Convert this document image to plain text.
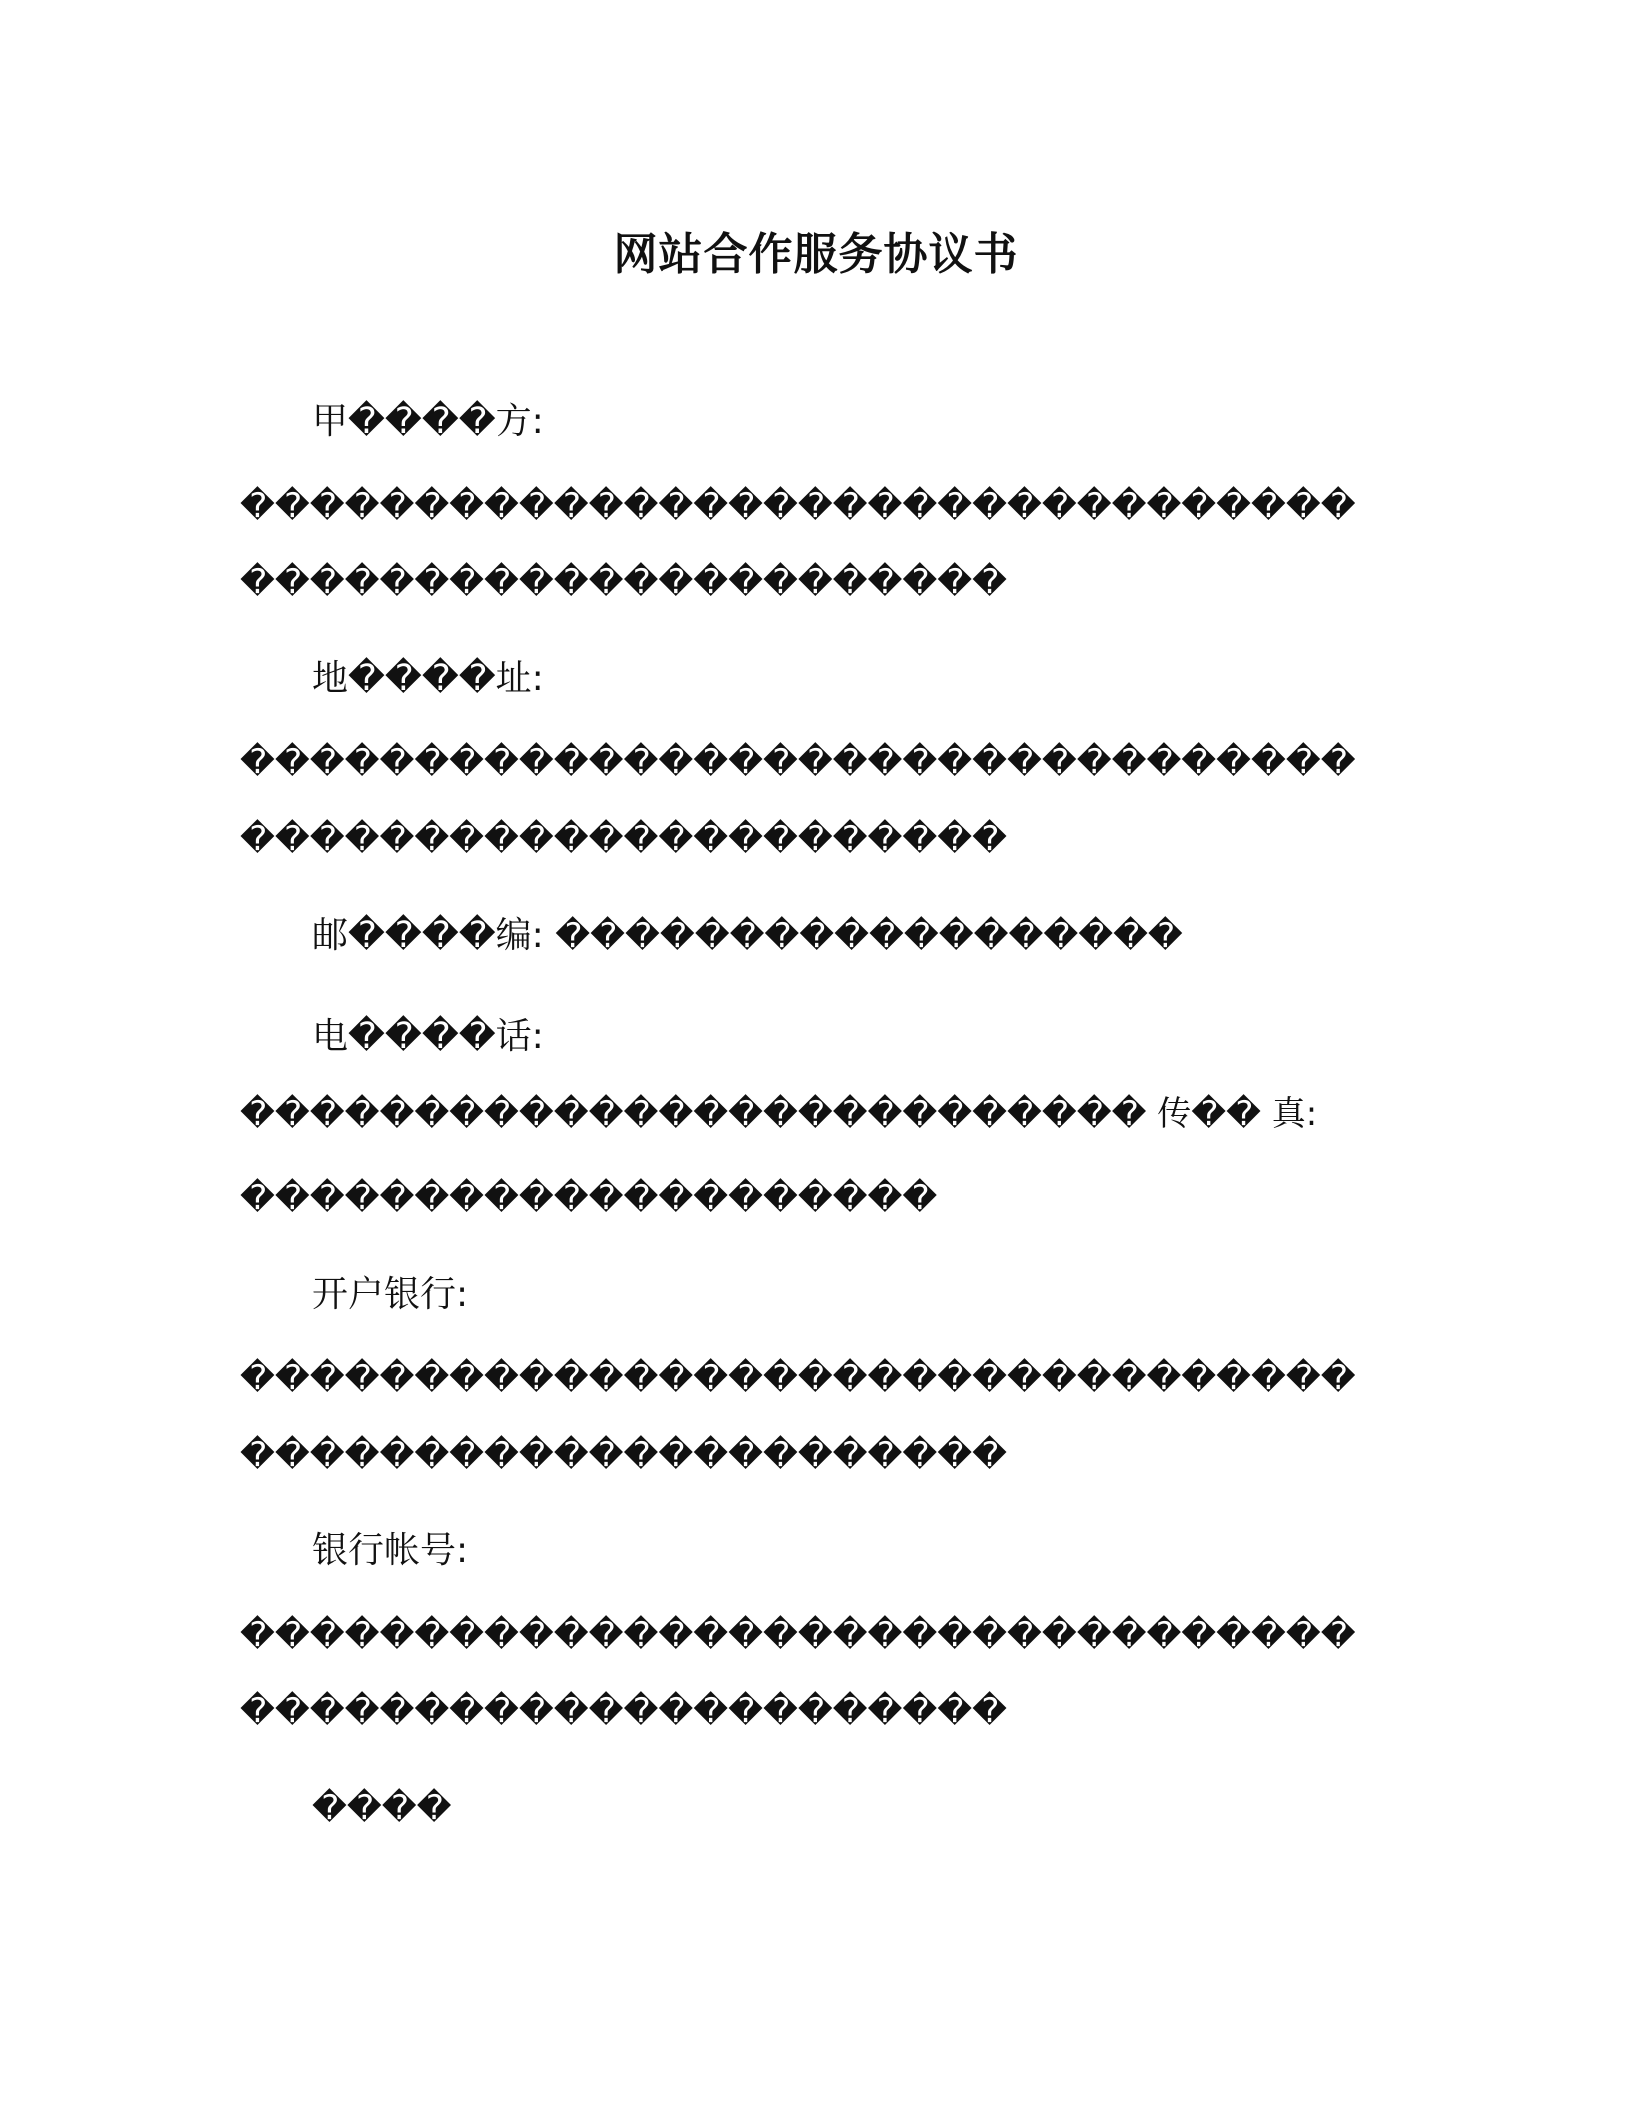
网站合作服务协议书
甲����方:
��������������������������������
����������������������
地����址:
��������������������������������
����������������������
邮����编: ������������������
电����话:
�������������������������� 传�� 真:
��������������������
开户银行:
��������������������������������
����������������������
银行帐号:
��������������������������������
����������������������
����
